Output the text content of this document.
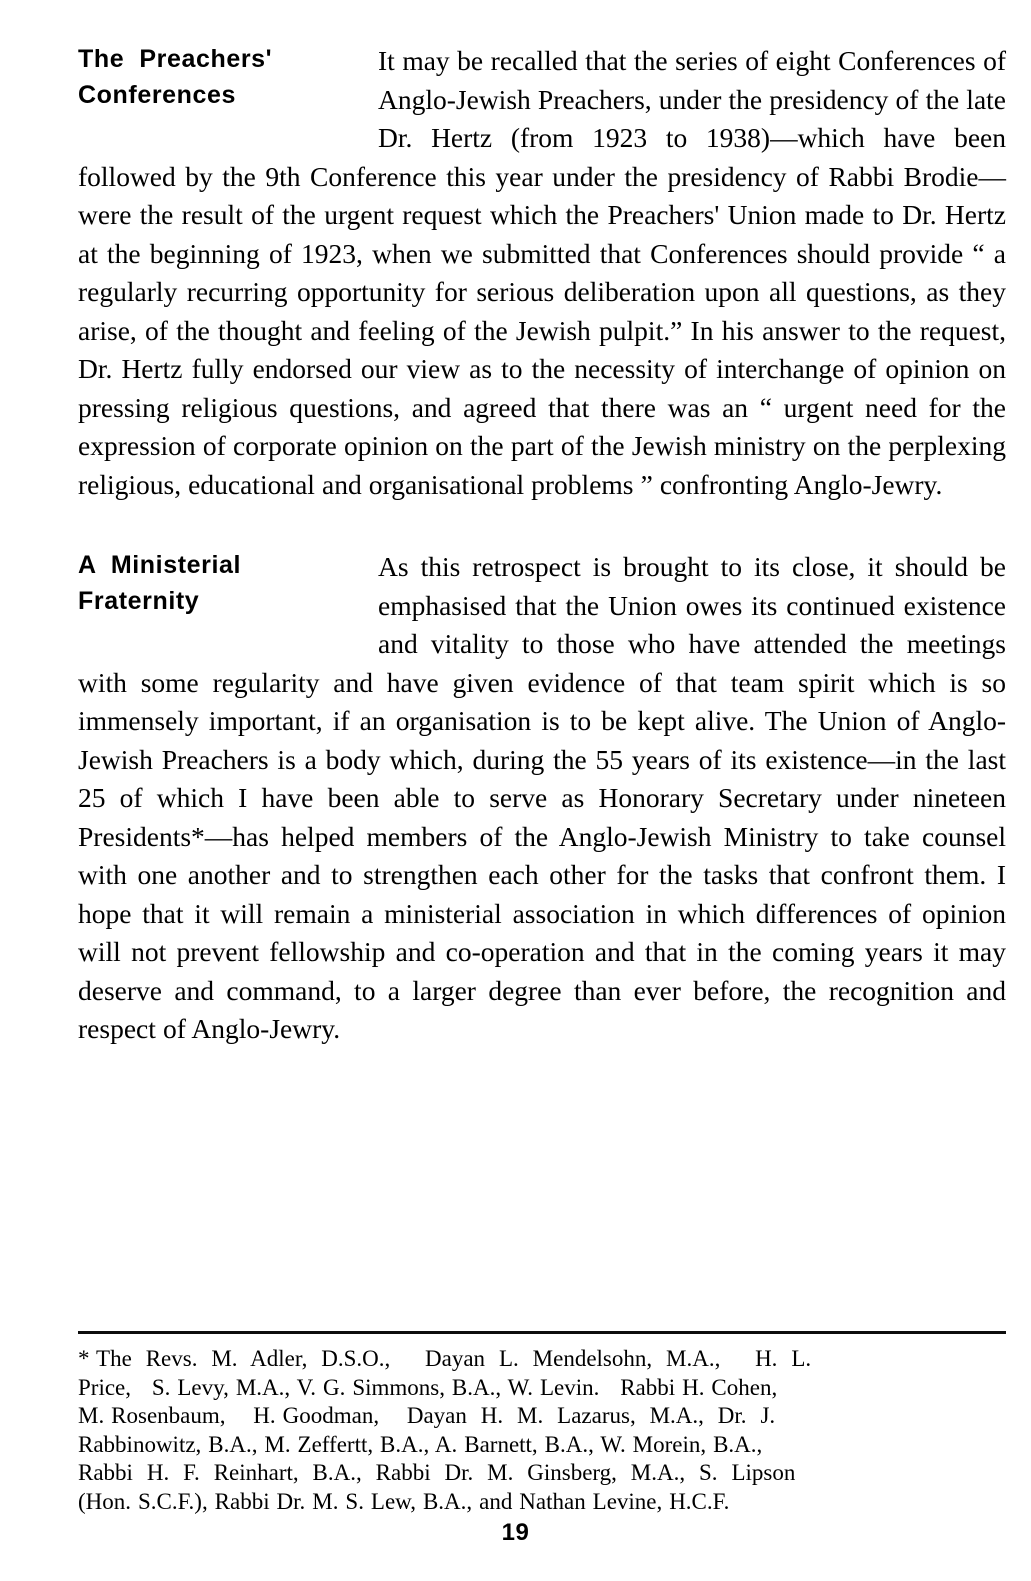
The  Preachers'
Conferences

It may be recalled that the series of eight Conferences of Anglo-Jewish Preachers, under the presidency of the late Dr. Hertz (from 1923 to 1938)—which have been followed by the 9th Conference this year under the presidency of Rabbi Brodie—were the result of the urgent request which the Preachers' Union made to Dr. Hertz at the beginning of 1923, when we submitted that Conferences should provide “ a regularly recurring opportunity for serious deliberation upon all questions, as they arise, of the thought and feeling of the Jewish pulpit.” In his answer to the request, Dr. Hertz fully endorsed our view as to the necessity of interchange of opinion on pressing religious questions, and agreed that there was an “ urgent need for the expression of corporate opinion on the part of the Jewish ministry on the perplexing religious, educational and organisational problems ” confronting Anglo-Jewry.

A  Ministerial
Fraternity

As this retrospect is brought to its close, it should be emphasised that the Union owes its continued existence and vitality to those who have attended the meetings with some regularity and have given evidence of that team spirit which is so immensely important, if an organisation is to be kept alive. The Union of Anglo-Jewish Preachers is a body which, during the 55 years of its existence—in the last 25 of which I have been able to serve as Honorary Secretary under nineteen Presidents*—has helped members of the Anglo-Jewish Ministry to take counsel with one another and to strengthen each other for the tasks that confront them. I hope that it will remain a ministerial association in which differences of opinion will not prevent fellowship and co-operation and that in the coming years it may deserve and command, to a larger degree than ever before, the recognition and respect of Anglo-Jewry.

* The  Revs.  M.  Adler,  D.S.O.,     Dayan  L.  Mendelsohn,  M.A.,     H.  L.
Price,   S. Levy, M.A., V. G. Simmons, B.A., W. Levin.   Rabbi H. Cohen,
M. Rosenbaum,    H. Goodman,    Dayan  H.  M.  Lazarus,  M.A.,  Dr.  J.
Rabbinowitz, B.A., M. Zeffertt, B.A., A. Barnett, B.A., W. Morein, B.A.,
Rabbi  H.  F.  Reinhart,  B.A.,  Rabbi  Dr.  M.  Ginsberg,  M.A.,  S.  Lipson
(Hon. S.C.F.), Rabbi Dr. M. S. Lew, B.A., and Nathan Levine, H.C.F.
19
